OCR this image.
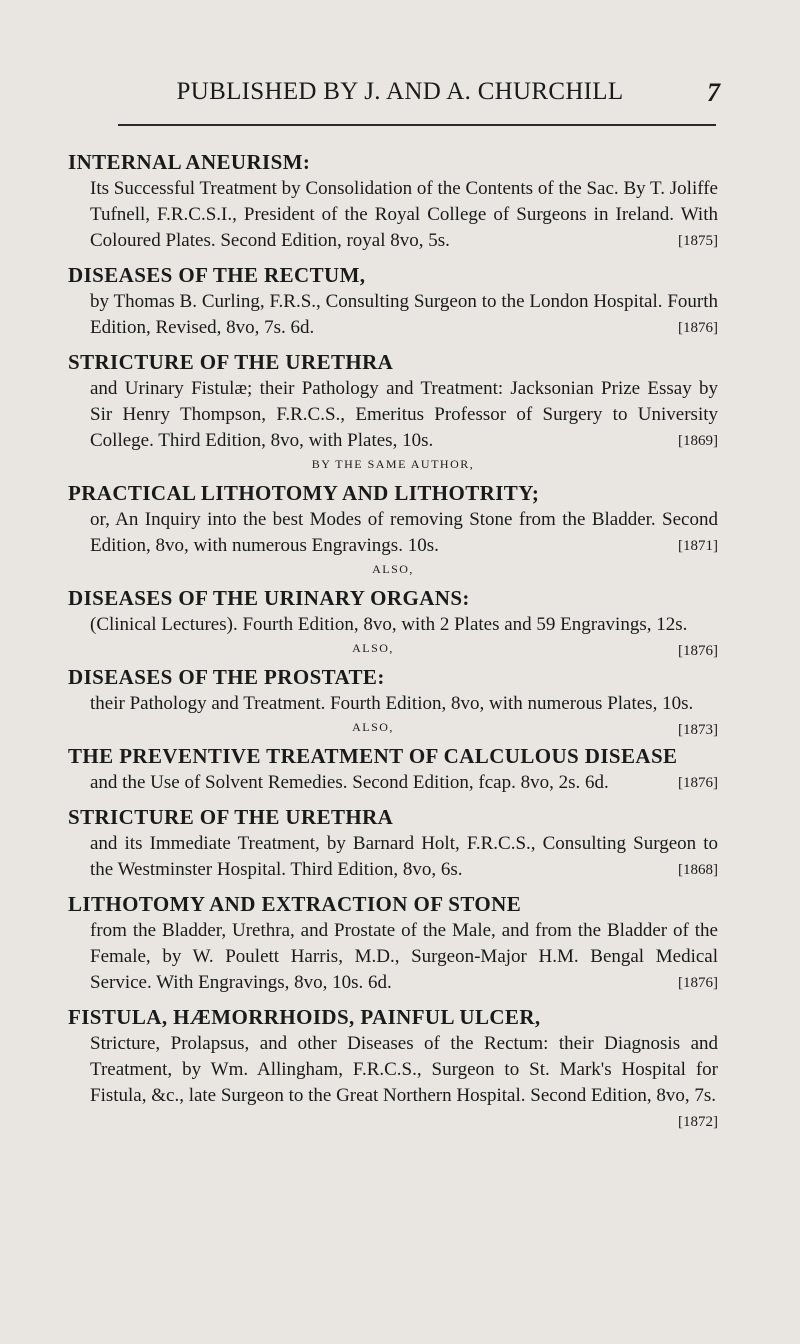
PUBLISHED BY J. AND A. CHURCHILL	7
INTERNAL ANEURISM:
Its Successful Treatment by Consolidation of the Contents of the Sac. By T. Joliffe Tufnell, F.R.C.S.I., President of the Royal College of Surgeons in Ireland. With Coloured Plates. Second Edition, royal 8vo, 5s.	[1875]
DISEASES OF THE RECTUM,
by Thomas B. Curling, F.R.S., Consulting Surgeon to the London Hospital. Fourth Edition, Revised, 8vo, 7s. 6d.	[1876]
STRICTURE OF THE URETHRA
and Urinary Fistulæ; their Pathology and Treatment: Jacksonian Prize Essay by Sir Henry Thompson, F.R.C.S., Emeritus Professor of Surgery to University College. Third Edition, 8vo, with Plates, 10s.	[1869]
BY THE SAME AUTHOR,
PRACTICAL LITHOTOMY AND LITHOTRITY;
or, An Inquiry into the best Modes of removing Stone from the Bladder. Second Edition, 8vo, with numerous Engravings. 10s.	[1871]
ALSO,
DISEASES OF THE URINARY ORGANS:
(Clinical Lectures). Fourth Edition, 8vo, with 2 Plates and 59 Engravings, 12s.
[1876]
ALSO,
DISEASES OF THE PROSTATE:
their Pathology and Treatment. Fourth Edition, 8vo, with numerous Plates, 10s.
[1873]
ALSO,
THE PREVENTIVE TREATMENT OF CALCULOUS DISEASE
and the Use of Solvent Remedies. Second Edition, fcap. 8vo, 2s. 6d.	[1876]
STRICTURE OF THE URETHRA
and its Immediate Treatment, by Barnard Holt, F.R.C.S., Consulting Surgeon to the Westminster Hospital. Third Edition, 8vo, 6s.	[1868]
LITHOTOMY AND EXTRACTION OF STONE
from the Bladder, Urethra, and Prostate of the Male, and from the Bladder of the Female, by W. Poulett Harris, M.D., Surgeon-Major H.M. Bengal Medical Service. With Engravings, 8vo, 10s. 6d.	[1876]
FISTULA, HÆMORRHOIDS, PAINFUL ULCER,
Stricture, Prolapsus, and other Diseases of the Rectum: their Diagnosis and Treatment, by Wm. Allingham, F.R.C.S., Surgeon to St. Mark's Hospital for Fistula, &c., late Surgeon to the Great Northern Hospital. Second Edition, 8vo, 7s.
[1872]
